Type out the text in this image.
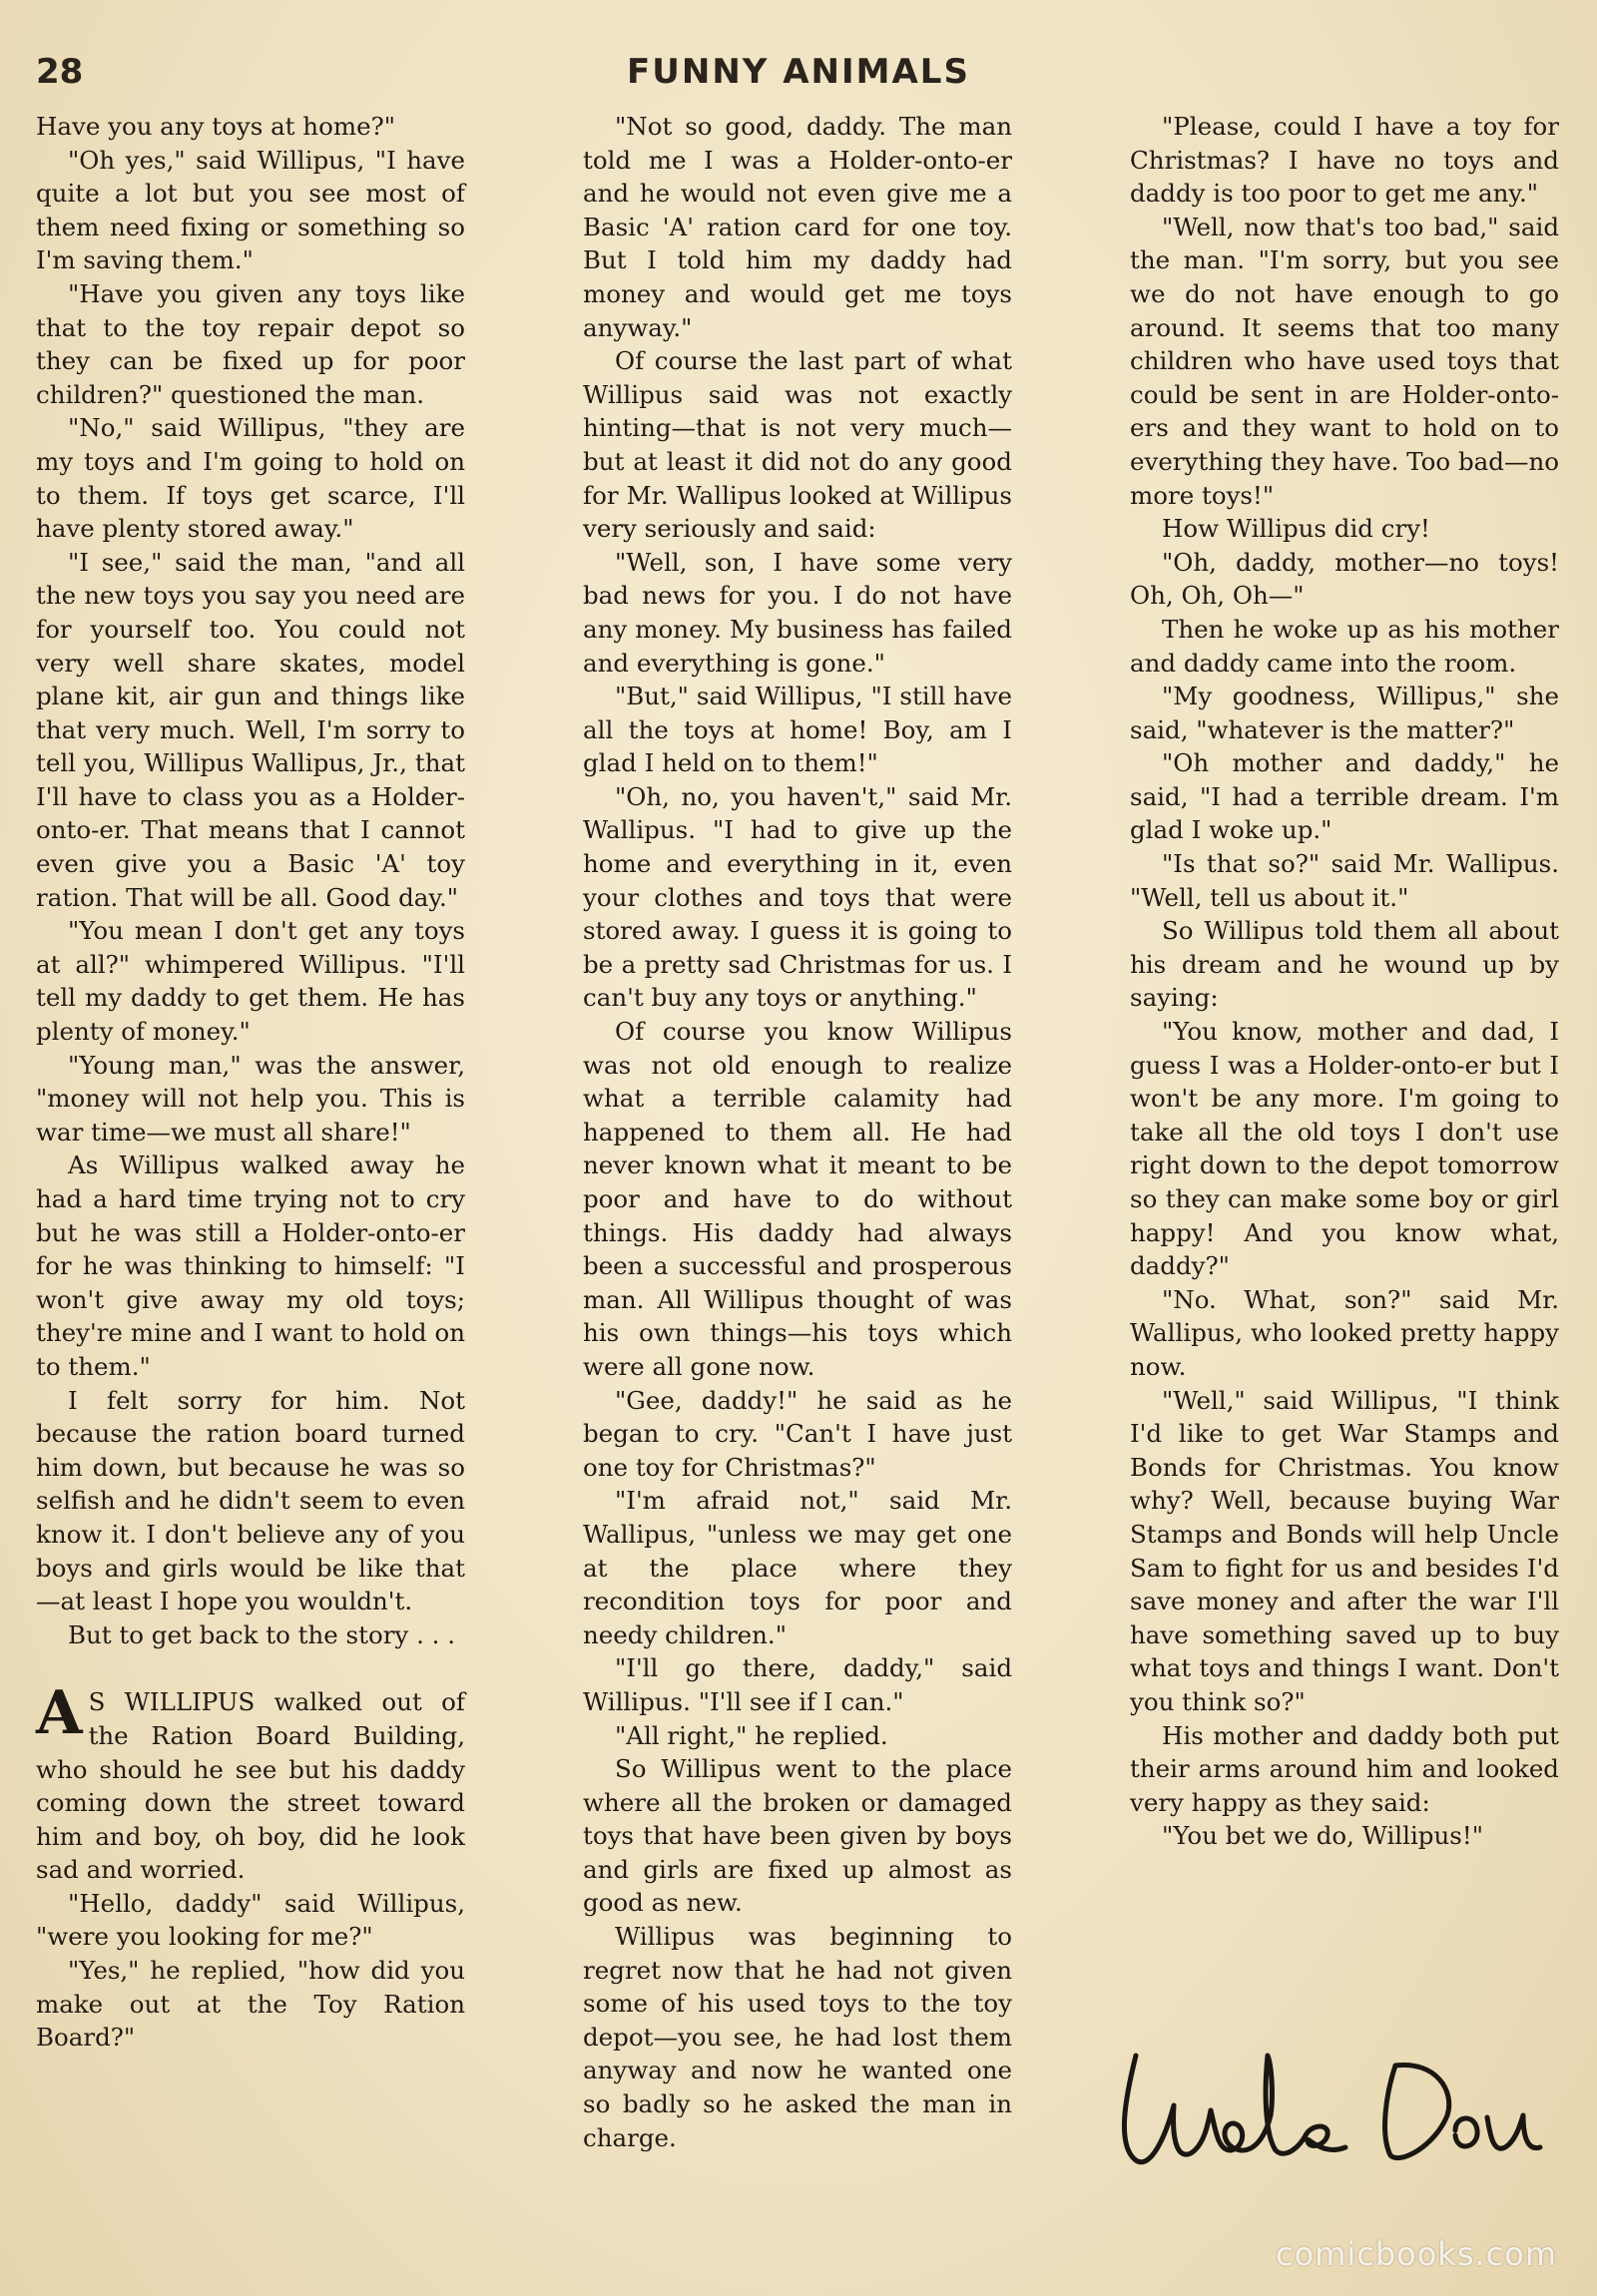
28	FUNNY ANIMALS

Have you any toys at home?"

"Oh yes," said Willipus, "I have quite a lot but you see most of them need fixing or something so I'm saving them."

"Have you given any toys like that to the toy repair depot so they can be fixed up for poor children?" questioned the man.

"No," said Willipus, "they are my toys and I'm going to hold on to them. If toys get scarce, I'll have plenty stored away."

"I see," said the man, "and all the new toys you say you need are for yourself too. You could not very well share skates, model plane kit, air gun and things like that very much. Well, I'm sorry to tell you, Willipus Wallipus, Jr., that I'll have to class you as a Holder-onto-er. That means that I cannot even give you a Basic 'A' toy ration. That will be all. Good day."

"You mean I don't get any toys at all?" whimpered Willipus. "I'll tell my daddy to get them. He has plenty of money."

"Young man," was the answer, "money will not help you. This is war time—we must all share!"

As Willipus walked away he had a hard time trying not to cry but he was still a Holder-onto-er for he was thinking to himself: "I won't give away my old toys; they're mine and I want to hold on to them."

I felt sorry for him. Not because the ration board turned him down, but because he was so selfish and he didn't seem to even know it. I don't believe any of you boys and girls would be like that—at least I hope you wouldn't.

But to get back to the story . . .

A S WILLIPUS walked out of the Ration Board Building, who should he see but his daddy coming down the street toward him and boy, oh boy, did he look sad and worried.

"Hello, daddy" said Willipus, "were you looking for me?"

"Yes," he replied, "how did you make out at the Toy Ration Board?"

"Not so good, daddy. The man told me I was a Holder-onto-er and he would not even give me a Basic 'A' ration card for one toy. But I told him my daddy had money and would get me toys anyway."

Of course the last part of what Willipus said was not exactly hinting—that is not very much—but at least it did not do any good for Mr. Wallipus looked at Willipus very seriously and said:

"Well, son, I have some very bad news for you. I do not have any money. My business has failed and everything is gone."

"But," said Willipus, "I still have all the toys at home! Boy, am I glad I held on to them!"

"Oh, no, you haven't," said Mr. Wallipus. "I had to give up the home and everything in it, even your clothes and toys that were stored away. I guess it is going to be a pretty sad Christmas for us. I can't buy any toys or anything."

Of course you know Willipus was not old enough to realize what a terrible calamity had happened to them all. He had never known what it meant to be poor and have to do without things. His daddy had always been a successful and prosperous man. All Willipus thought of was his own things—his toys which were all gone now.

"Gee, daddy!" he said as he began to cry. "Can't I have just one toy for Christmas?"

"I'm afraid not," said Mr. Wallipus, "unless we may get one at the place where they recondition toys for poor and needy children."

"I'll go there, daddy," said Willipus. "I'll see if I can."

"All right," he replied.

So Willipus went to the place where all the broken or damaged toys that have been given by boys and girls are fixed up almost as good as new.

Willipus was beginning to regret now that he had not given some of his used toys to the toy depot—you see, he had lost them anyway and now he wanted one so badly so he asked the man in charge.

"Please, could I have a toy for Christmas? I have no toys and daddy is too poor to get me any."

"Well, now that's too bad," said the man. "I'm sorry, but you see we do not have enough to go around. It seems that too many children who have used toys that could be sent in are Holder-onto-ers and they want to hold on to everything they have. Too bad—no more toys!"

How Willipus did cry!

"Oh, daddy, mother—no toys! Oh, Oh, Oh—"

Then he woke up as his mother and daddy came into the room.

"My goodness, Willipus," she said, "whatever is the matter?"

"Oh mother and daddy," he said, "I had a terrible dream. I'm glad I woke up."

"Is that so?" said Mr. Wallipus. "Well, tell us about it."

So Willipus told them all about his dream and he wound up by saying:

"You know, mother and dad, I guess I was a Holder-onto-er but I won't be any more. I'm going to take all the old toys I don't use right down to the depot tomorrow so they can make some boy or girl happy! And you know what, daddy?"

"No. What, son?" said Mr. Wallipus, who looked pretty happy now.

"Well," said Willipus, "I think I'd like to get War Stamps and Bonds for Christmas. You know why? Well, because buying War Stamps and Bonds will help Uncle Sam to fight for us and besides I'd save money and after the war I'll have something saved up to buy what toys and things I want. Don't you think so?"

His mother and daddy both put their arms around him and looked very happy as they said:

"You bet we do, Willipus!"

comicbooks.com
